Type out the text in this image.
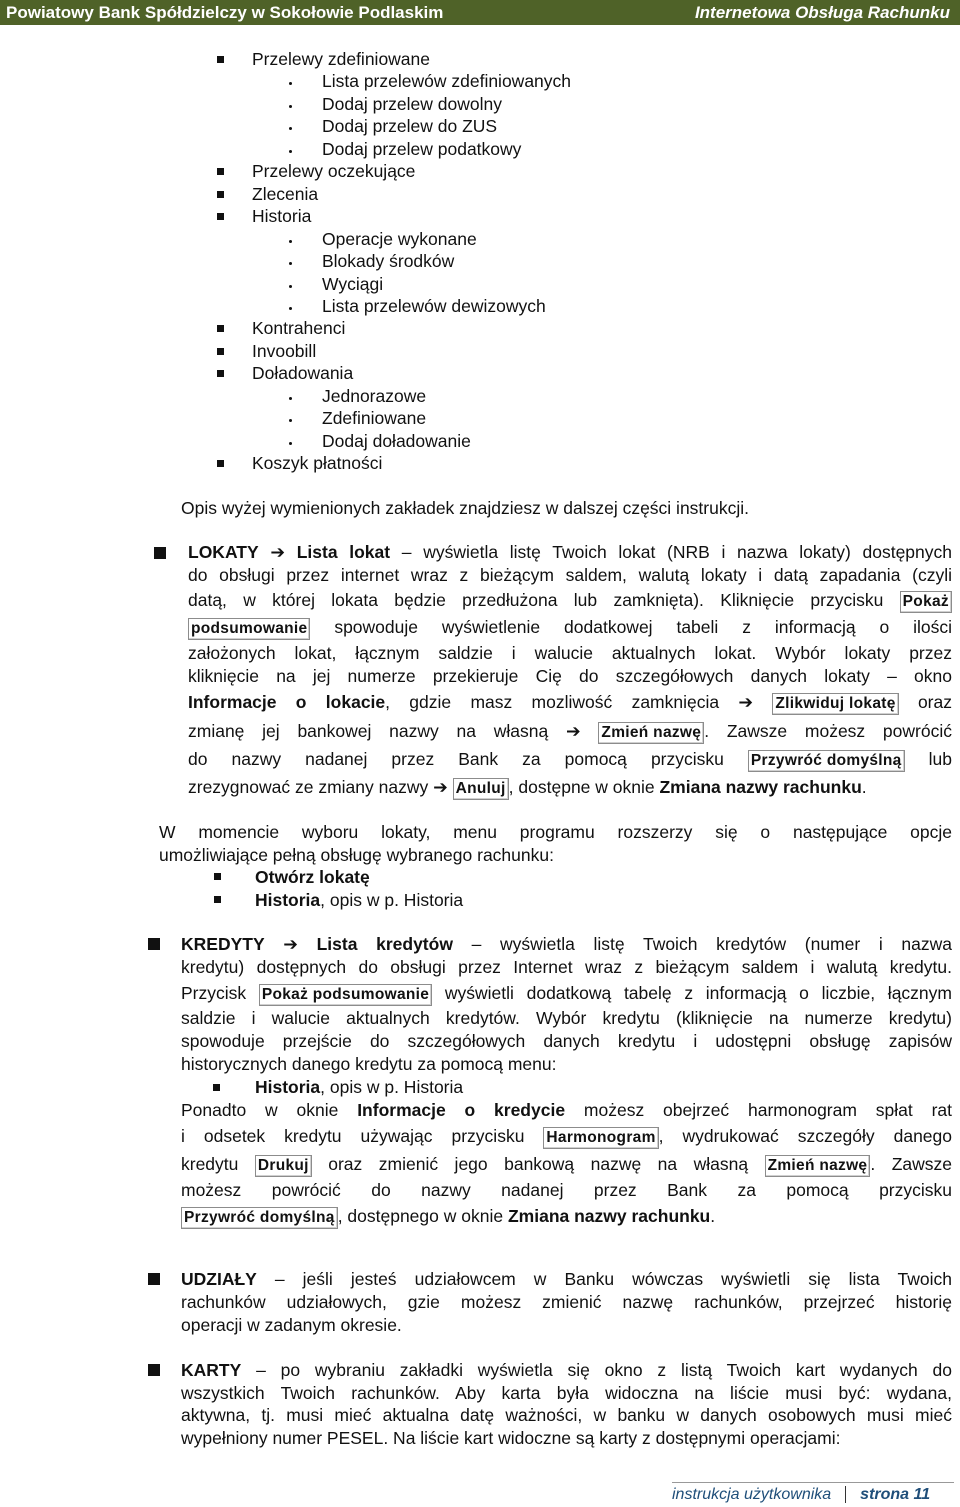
Powiatowy Bank Spółdzielczy w Sokołowie Podlaskim	Internetowa Obsługa Rachunku
Przelewy zdefiniowane
Lista przelewów zdefiniowanych
Dodaj przelew dowolny
Dodaj przelew do ZUS
Dodaj przelew podatkowy
Przelewy oczekujące
Zlecenia
Historia
Operacje wykonane
Blokady środków
Wyciągi
Lista przelewów dewizowych
Kontrahenci
Invoobill
Doładowania
Jednorazowe
Zdefiniowane
Dodaj doładowanie
Koszyk płatności
Opis wyżej wymienionych zakładek znajdziesz w dalszej części instrukcji.
LOKATY ➔ Lista lokat – wyświetla listę Twoich lokat (NRB i nazwa lokaty) dostępnych
do obsługi przez internet wraz z bieżącym saldem, walutą lokaty i datą zapadania (czyli
datą, w której lokata będzie przedłużona lub zamknięta). Kliknięcie przycisku Pokaż
podsumowanie spowoduje wyświetlenie dodatkowej tabeli z informacją o ilości
założonych lokat, łącznym saldzie i walucie aktualnych lokat. Wybór lokaty przez
kliknięcie na jej numerze przekieruje Cię do szczegółowych danych lokaty – okno
Informacje o lokacie, gdzie masz mozliwość zamknięcia ➔ Zlikwiduj lokatę oraz
zmianę jej bankowej nazwy na własną ➔ Zmień nazwę . Zawsze możesz powrócić
do nazwy nadanej przez Bank za pomocą przycisku Przywróć domyślną lub
zrezygnować ze zmiany nazwy ➔ Anuluj , dostępne w oknie Zmiana nazwy rachunku.
W momencie wyboru lokaty, menu programu rozszerzy się o następujące opcje
umożliwiające pełną obsługę wybranego rachunku:
Otwórz lokatę
Historia, opis w p. Historia
KREDYTY ➔ Lista kredytów – wyświetla listę Twoich kredytów (numer i nazwa
kredytu) dostępnych do obsługi przez Internet wraz z bieżącym saldem i walutą kredytu.
Przycisk Pokaż podsumowanie wyświetli dodatkową tabelę z informacją o liczbie, łącznym
saldzie i walucie aktualnych kredytów. Wybór kredytu (kliknięcie na numerze kredytu)
spowoduje przejście do szczegółowych danych kredytu i udostępni obsługę zapisów
historycznych danego kredytu za pomocą menu:
Historia, opis w p. Historia
Ponadto w oknie Informacje o kredycie możesz obejrzeć harmonogram spłat rat
i odsetek kredytu używając przycisku Harmonogram , wydrukować szczegóły danego
kredytu Drukuj oraz zmienić jego bankową nazwę na własną Zmień nazwę . Zawsze
możesz powrócić do nazwy nadanej przez Bank za pomocą przycisku
Przywróć domyślną , dostępnego w oknie Zmiana nazwy rachunku.
UDZIAŁY – jeśli jesteś udziałowcem w Banku wówczas wyświetli się lista Twoich
rachunków udziałowych, gzie możesz zmienić nazwę rachunków, przejrzeć historię
operacji w zadanym okresie.
KARTY – po wybraniu zakładki wyświetla się okno z listą Twoich kart wydanych do
wszystkich Twoich rachunków. Aby karta była widoczna na liście musi być: wydana,
aktywna, tj. musi mieć aktualna datę ważności, w banku w danych osobowych musi mieć
wypełniony numer PESEL. Na liście kart widoczne są karty z dostępnymi operacjami:
instrukcja użytkownika strona 11
